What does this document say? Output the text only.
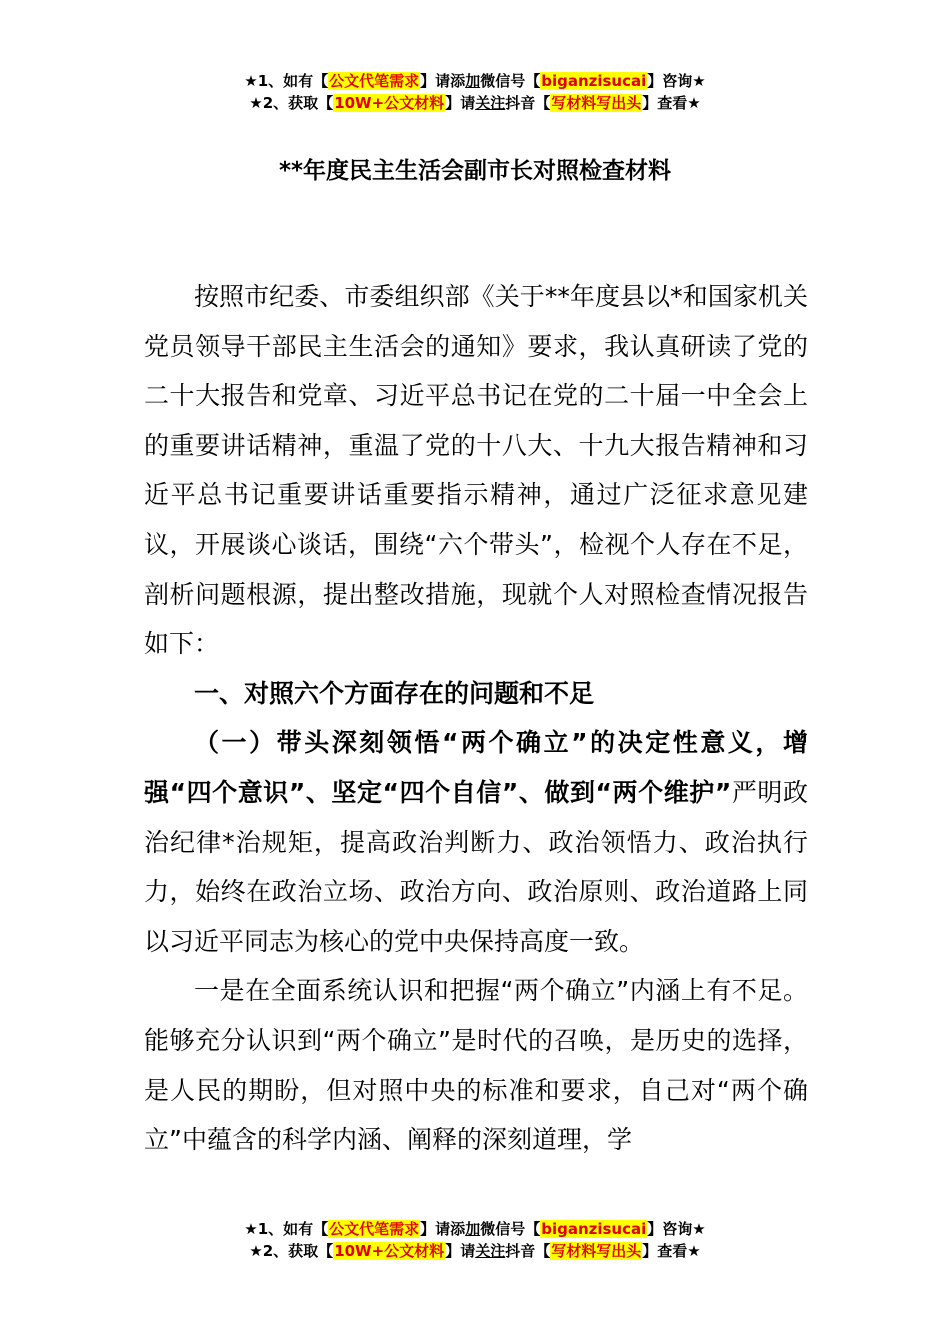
★1、如有【公文代笔需求】请添加微信号【biganzisucai】咨询★
★2、获取【10W+公文材料】请关注抖音【写材料写出头】查看★
**年度民主生活会副市长对照检查材料

按照市纪委、市委组织部《关于**年度县以*和国家机关党员领导干部民主生活会的通知》要求，我认真研读了党的二十大报告和党章、习近平总书记在党的二十届一中全会上的重要讲话精神，重温了党的十八大、十九大报告精神和习近平总书记重要讲话重要指示精神，通过广泛征求意见建议，开展谈心谈话，围绕“六个带头”，检视个人存在不足，剖析问题根源，提出整改措施，现就个人对照检查情况报告如下：

一、对照六个方面存在的问题和不足

（一）带头深刻领悟“两个确立”的决定性意义，增强“四个意识”、坚定“四个自信”、做到“两个维护”严明政治纪律*治规矩，提高政治判断力、政治领悟力、政治执行力，始终在政治立场、政治方向、政治原则、政治道路上同以习近平同志为核心的党中央保持高度一致。

一是在全面系统认识和把握“两个确立”内涵上有不足。能够充分认识到“两个确立”是时代的召唤，是历史的选择，是人民的期盼，但对照中央的标准和要求，自己对“两个确立”中蕴含的科学内涵、阐释的深刻道理，学

★1、如有【公文代笔需求】请添加微信号【biganzisucai】咨询★
★2、获取【10W+公文材料】请关注抖音【写材料写出头】查看★
